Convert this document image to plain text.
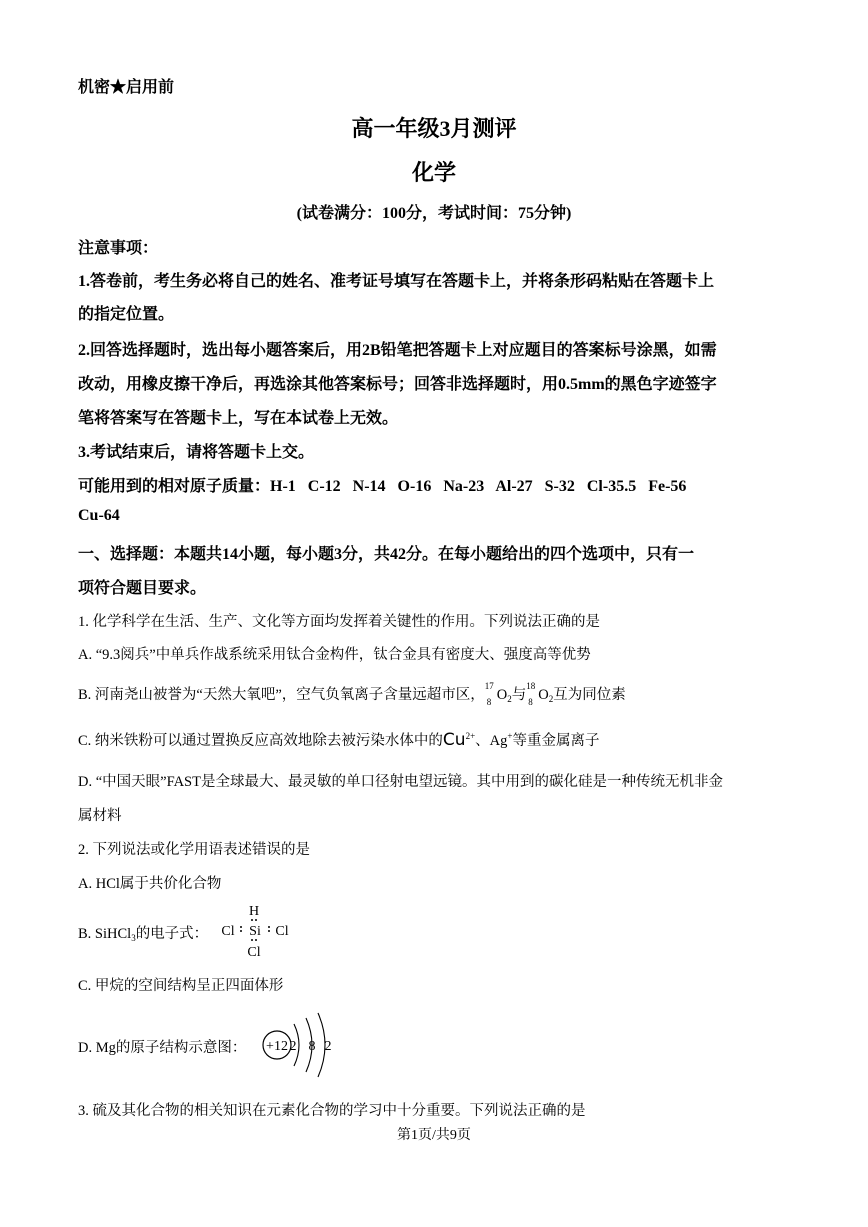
机密★启用前
高一年级3月测评
化学
(试卷满分：100分，考试时间：75分钟)
注意事项：
1.答卷前，考生务必将自己的姓名、准考证号填写在答题卡上，并将条形码粘贴在答题卡上
的指定位置。
2.回答选择题时，选出每小题答案后，用2B铅笔把答题卡上对应题目的答案标号涂黑，如需
改动，用橡皮擦干净后，再选涂其他答案标号；回答非选择题时，用0.5mm的黑色字迹签字
笔将答案写在答题卡上，写在本试卷上无效。
3.考试结束后，请将答题卡上交。
可能用到的相对原子质量：H-1   C-12   N-14   O-16   Na-23   Al-27   S-32   Cl-35.5   Fe-56
Cu-64
一、选择题：本题共14小题，每小题3分，共42分。在每小题给出的四个选项中，只有一
项符合题目要求。
1. 化学科学在生活、生产、文化等方面均发挥着关键性的作用。下列说法正确的是
A. “9.3阅兵”中单兵作战系统采用钛合金构件，钛合金具有密度大、强度高等优势
B. 河南尧山被誉为“天然大氧吧”，空气负氧离子含量远超市区，
17
8 $O_2$与
18
8 $O_2$互为同位素
C. 纳米铁粉可以通过置换反应高效地除去被污染水体中的$Cu^{2+}$、Ag+等重金属离子
D. “中国天眼”FAST是全球最大、最灵敏的单口径射电望远镜。其中用到的碳化硅是一种传统无机非金
属材料
2. 下列说法或化学用语表述错误的是
A. HCl属于共价化合物
B. SiHCl$_3$的电子式：
H
Si
Cl	Cl
Cl
C. 甲烷的空间结构呈正四面体形
D. Mg的原子结构示意图： +12 2 8 2
3. 硫及其化合物的相关知识在元素化合物的学习中十分重要。下列说法正确的是
第1页/共9页
